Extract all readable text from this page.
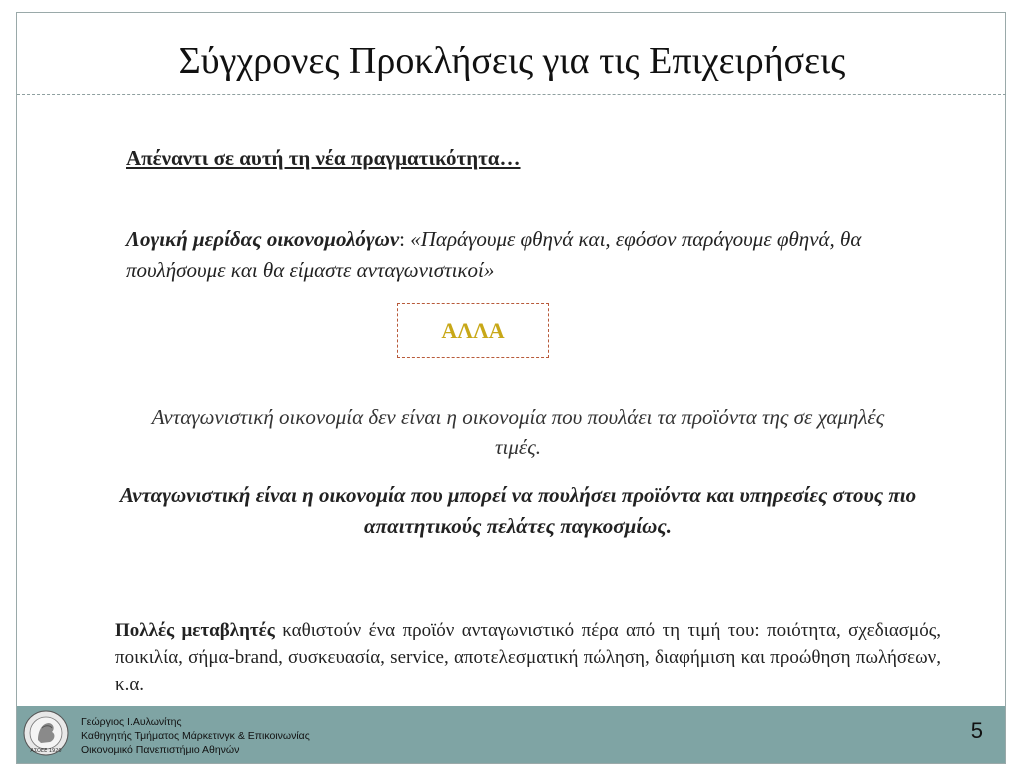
Σύγχρονες Προκλήσεις για τις Επιχειρήσεις
Απέναντι σε αυτή τη νέα πραγματικότητα…
Λογική μερίδας οικονομολόγων: «Παράγουμε φθηνά και, εφόσον παράγουμε φθηνά, θα πουλήσουμε και θα είμαστε ανταγωνιστικοί»
ΑΛΛΑ
Ανταγωνιστική οικονομία δεν είναι η οικονομία που πουλάει τα προϊόντα της σε χαμηλές τιμές.
Ανταγωνιστική είναι η οικονομία που μπορεί να πουλήσει προϊόντα και υπηρεσίες στους πιο απαιτητικούς πελάτες παγκοσμίως.
Πολλές μεταβλητές καθιστούν ένα προϊόν ανταγωνιστικό πέρα από τη τιμή του: ποιότητα, σχεδιασμός, ποικιλία, σήμα-brand, συσκευασία, service, αποτελεσματική πώληση, διαφήμιση και προώθηση πωλήσεων, κ.α.
ΑΣΟΕΕ 1920
Γεώργιος Ι.Αυλωνίτης
Καθηγητής Τμήματος Μάρκετινγκ & Επικοινωνίας
Οικονομικό Πανεπιστήμιο Αθηνών
5
